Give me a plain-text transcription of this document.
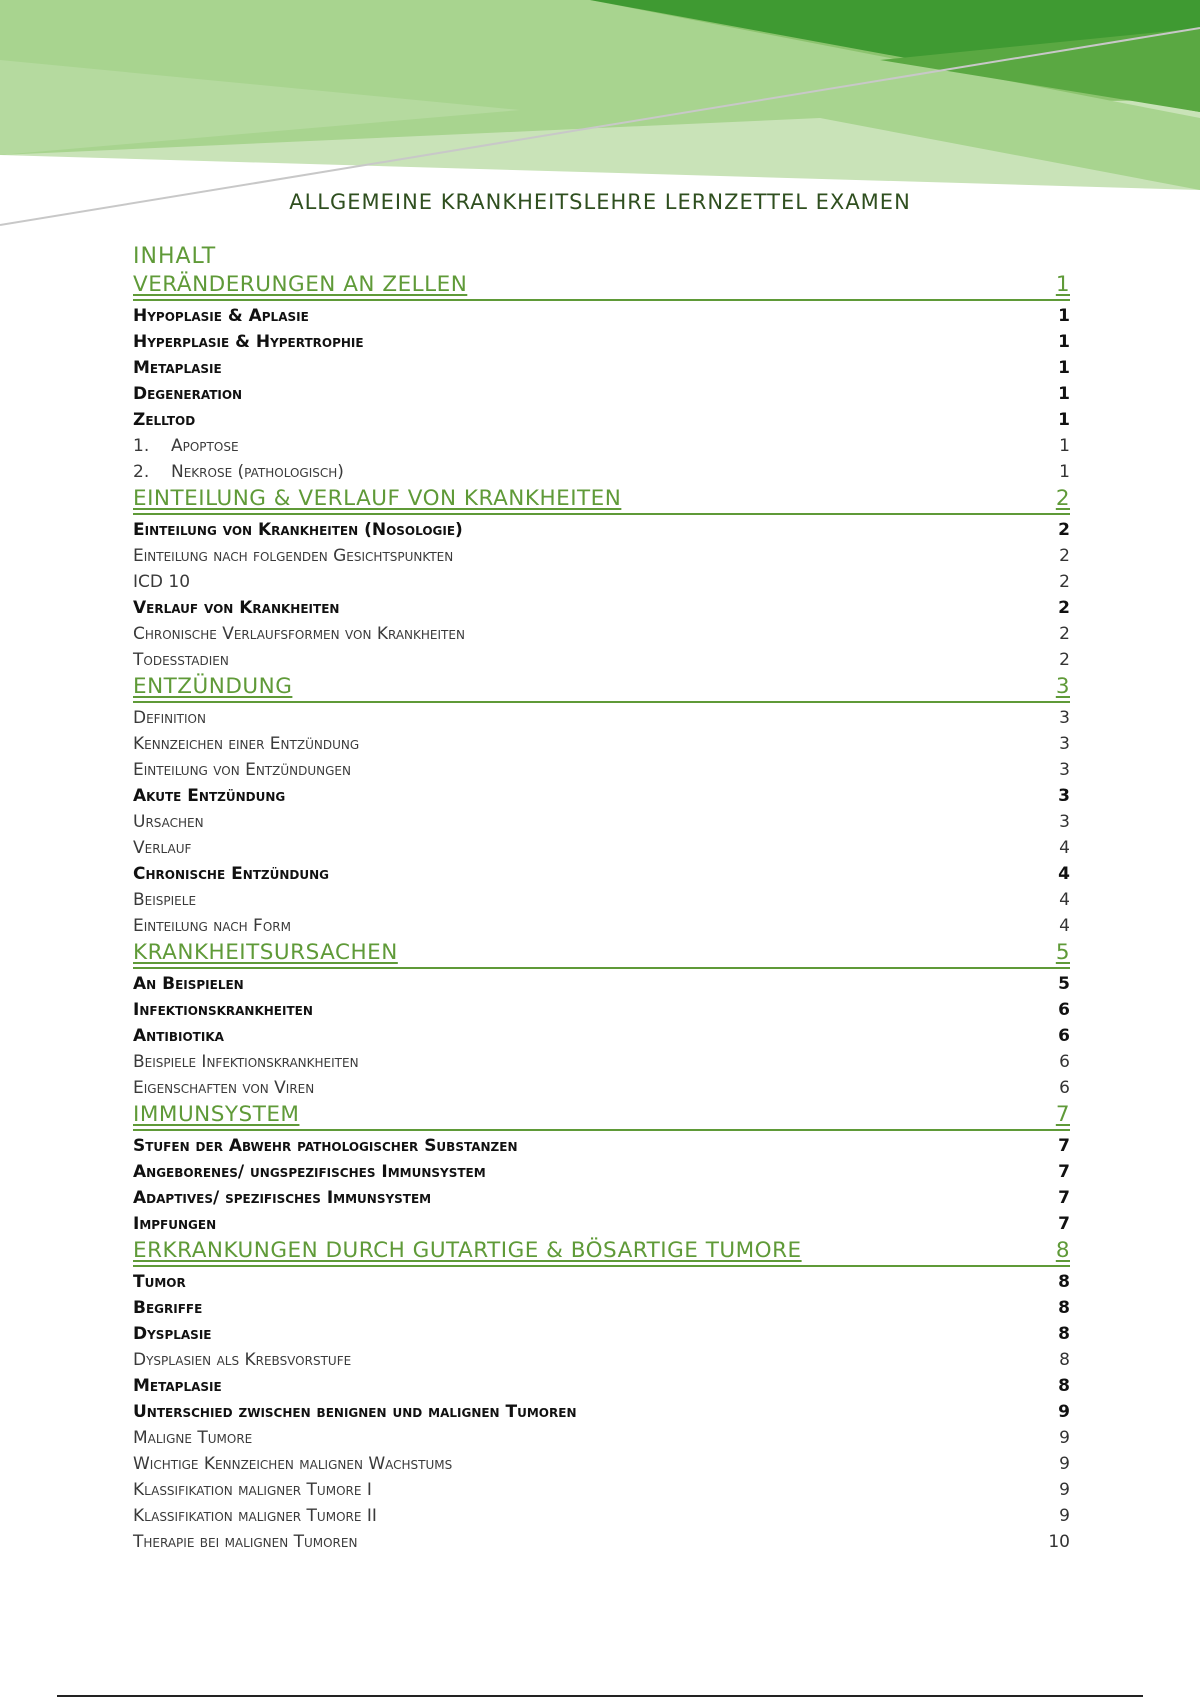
ALLGEMEINE KRANKHEITSLEHRE LERNZETTEL EXAMEN
INHALT
VERÄNDERUNGEN AN ZELLEN	1
Hypoplasie & Aplasie	1
Hyperplasie & Hypertrophie	1
Metaplasie	1
Degeneration	1
Zelltod	1
1. Apoptose	1
2. Nekrose (pathologisch)	1
EINTEILUNG & VERLAUF VON KRANKHEITEN	2
Einteilung von Krankheiten (Nosologie)	2
Einteilung nach folgenden Gesichtspunkten	2
ICD 10	2
Verlauf von Krankheiten	2
Chronische Verlaufsformen von Krankheiten	2
Todesstadien	2
ENTZÜNDUNG	3
Definition	3
Kennzeichen einer Entzündung	3
Einteilung von Entzündungen	3
Akute Entzündung	3
Ursachen	3
Verlauf	4
Chronische Entzündung	4
Beispiele	4
Einteilung nach Form	4
KRANKHEITSURSACHEN	5
An Beispielen	5
Infektionskrankheiten	6
Antibiotika	6
Beispiele Infektionskrankheiten	6
Eigenschaften von Viren	6
IMMUNSYSTEM	7
Stufen der Abwehr pathologischer Substanzen	7
Angeborenes/ ungspezifisches Immunsystem	7
Adaptives/ spezifisches Immunsystem	7
Impfungen	7
ERKRANKUNGEN DURCH GUTARTIGE & BÖSARTIGE TUMORE	8
Tumor	8
Begriffe	8
Dysplasie	8
Dysplasien als Krebsvorstufe	8
Metaplasie	8
Unterschied zwischen benignen und malignen Tumoren	9
Maligne Tumore	9
Wichtige Kennzeichen malignen Wachstums	9
Klassifikation maligner Tumore I	9
Klassifikation maligner Tumore II	9
Therapie bei malignen Tumoren	10
